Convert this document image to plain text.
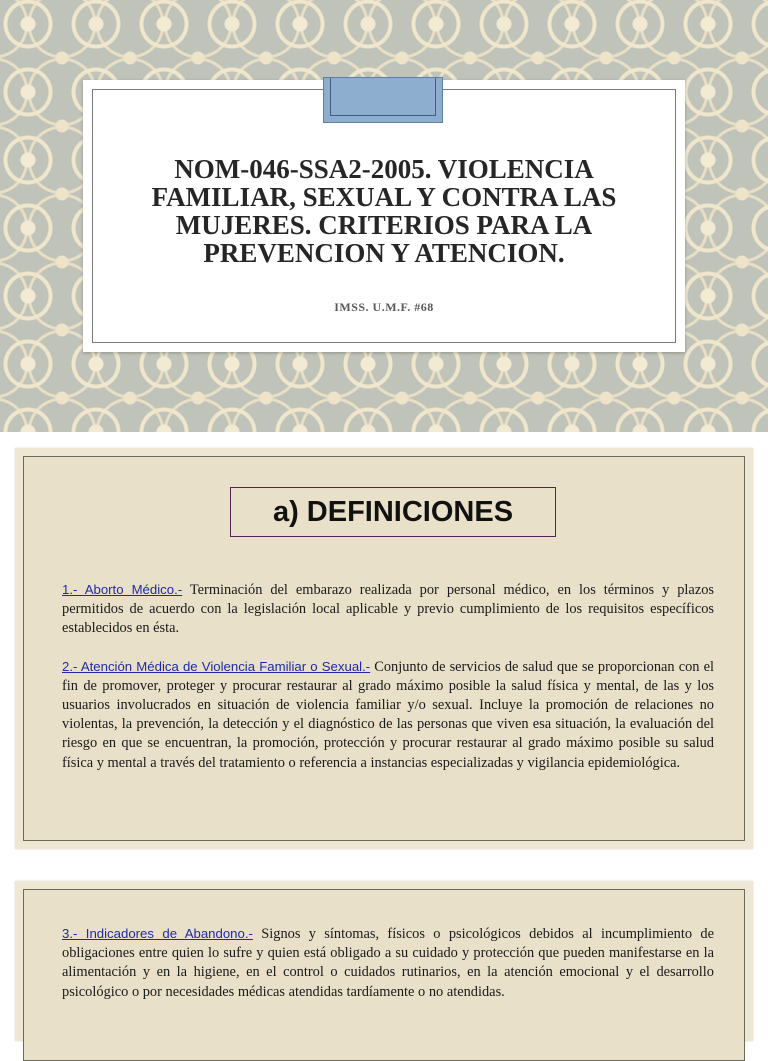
NOM-046-SSA2-2005. VIOLENCIA FAMILIAR, SEXUAL Y CONTRA LAS MUJERES. CRITERIOS PARA LA PREVENCION Y ATENCION.
IMSS. U.M.F. #68
a) DEFINICIONES

1.- Aborto Médico.- Terminación del embarazo realizada por personal médico, en los términos y plazos permitidos de acuerdo con la legislación local aplicable y previo cumplimiento de los requisitos específicos establecidos en ésta.

2.- Atención Médica de Violencia Familiar o Sexual.- Conjunto de servicios de salud que se proporcionan con el fin de promover, proteger y procurar restaurar al grado máximo posible la salud física y mental, de las y los usuarios involucrados en situación de violencia familiar y/o sexual. Incluye la promoción de relaciones no violentas, la prevención, la detección y el diagnóstico de las personas que viven esa situación, la evaluación del riesgo en que se encuentran, la promoción, protección y procurar restaurar al grado máximo posible su salud física y mental a través del tratamiento o referencia a instancias especializadas y vigilancia epidemiológica.

3.- Indicadores de Abandono.- Signos y síntomas, físicos o psicológicos debidos al incumplimiento de obligaciones entre quien lo sufre y quien está obligado a su cuidado y protección que pueden manifestarse en la alimentación y en la higiene, en el control o cuidados rutinarios, en la atención emocional y el desarrollo psicológico o por necesidades médicas atendidas tardíamente o no atendidas.
